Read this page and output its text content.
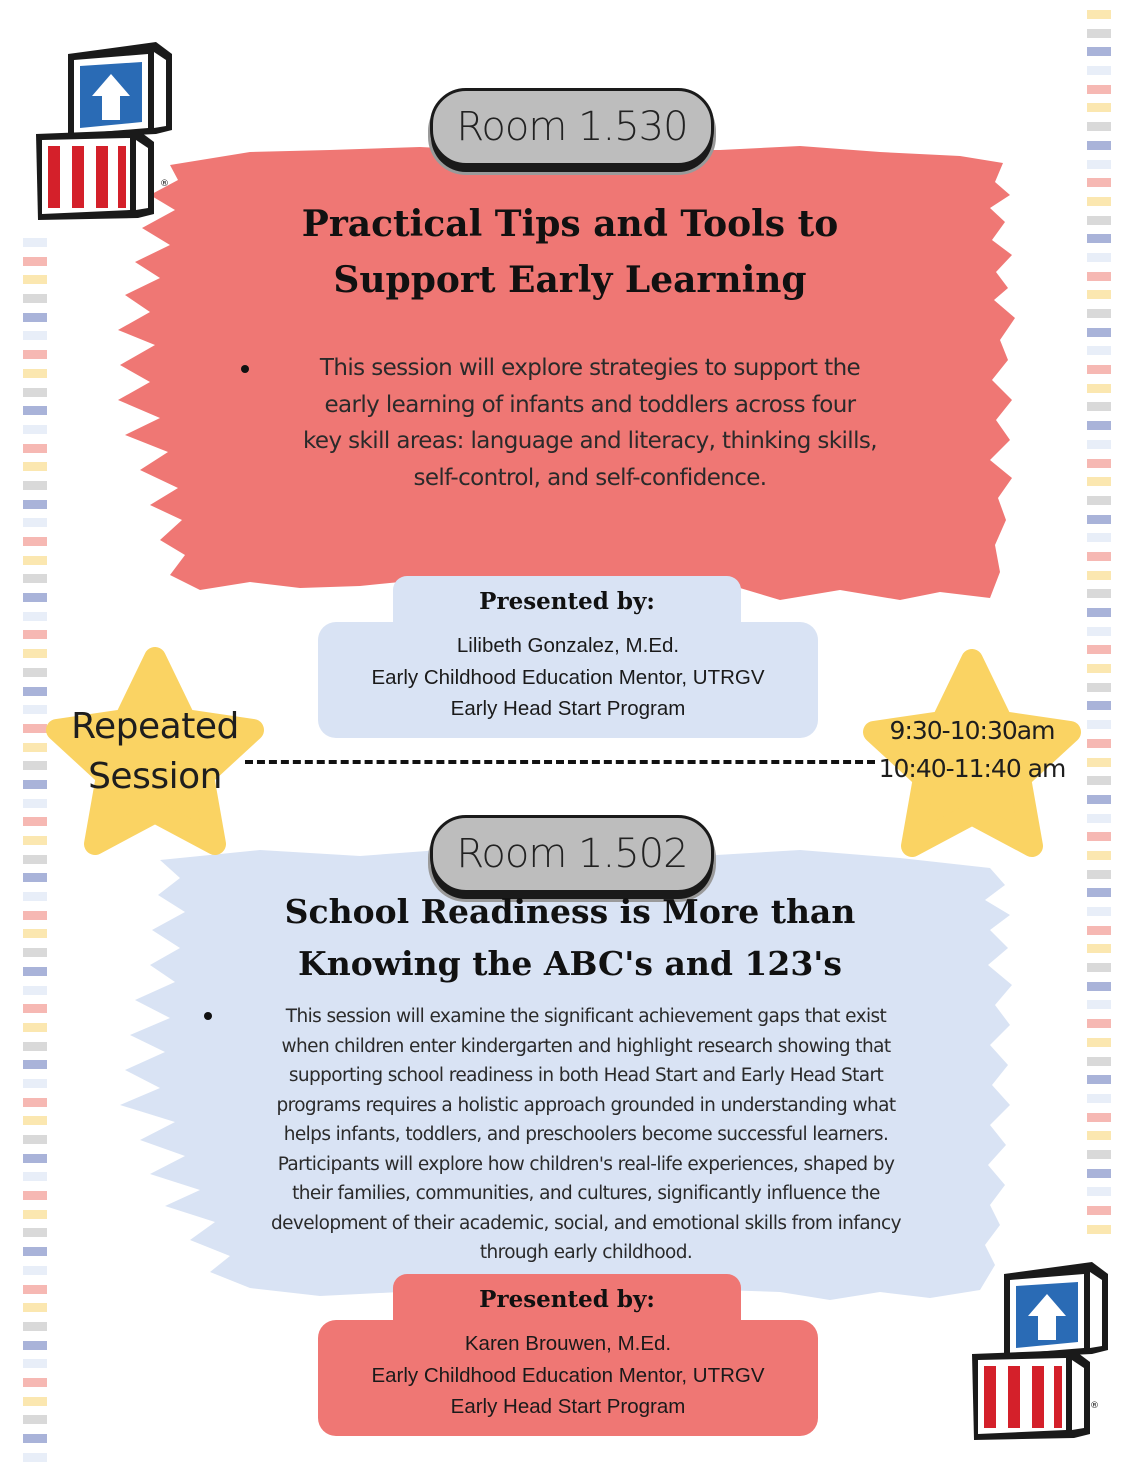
Repeated
Session
9:30-10:30am
10:40-11:40 am
Room 1.530
Practical Tips and Tools to
Support Early Learning
This session will explore strategies to support the
early learning of infants and toddlers across four
key skill areas: language and literacy, thinking skills,
self-control, and self-confidence.
Presented by:
Lilibeth Gonzalez, M.Ed.
Early Childhood Education Mentor, UTRGV
Early Head Start Program
Room 1.502
School Readiness is More than
Knowing the ABC's and 123's
This session will examine the significant achievement gaps that exist
when children enter kindergarten and highlight research showing that
supporting school readiness in both Head Start and Early Head Start
programs requires a holistic approach grounded in understanding what
helps infants, toddlers, and preschoolers become successful learners.
Participants will explore how children's real-life experiences, shaped by
their families, communities, and cultures, significantly influence the
development of their academic, social, and emotional skills from infancy
through early childhood.
Presented by:
Karen Brouwen, M.Ed.
Early Childhood Education Mentor, UTRGV
Early Head Start Program
®
®
